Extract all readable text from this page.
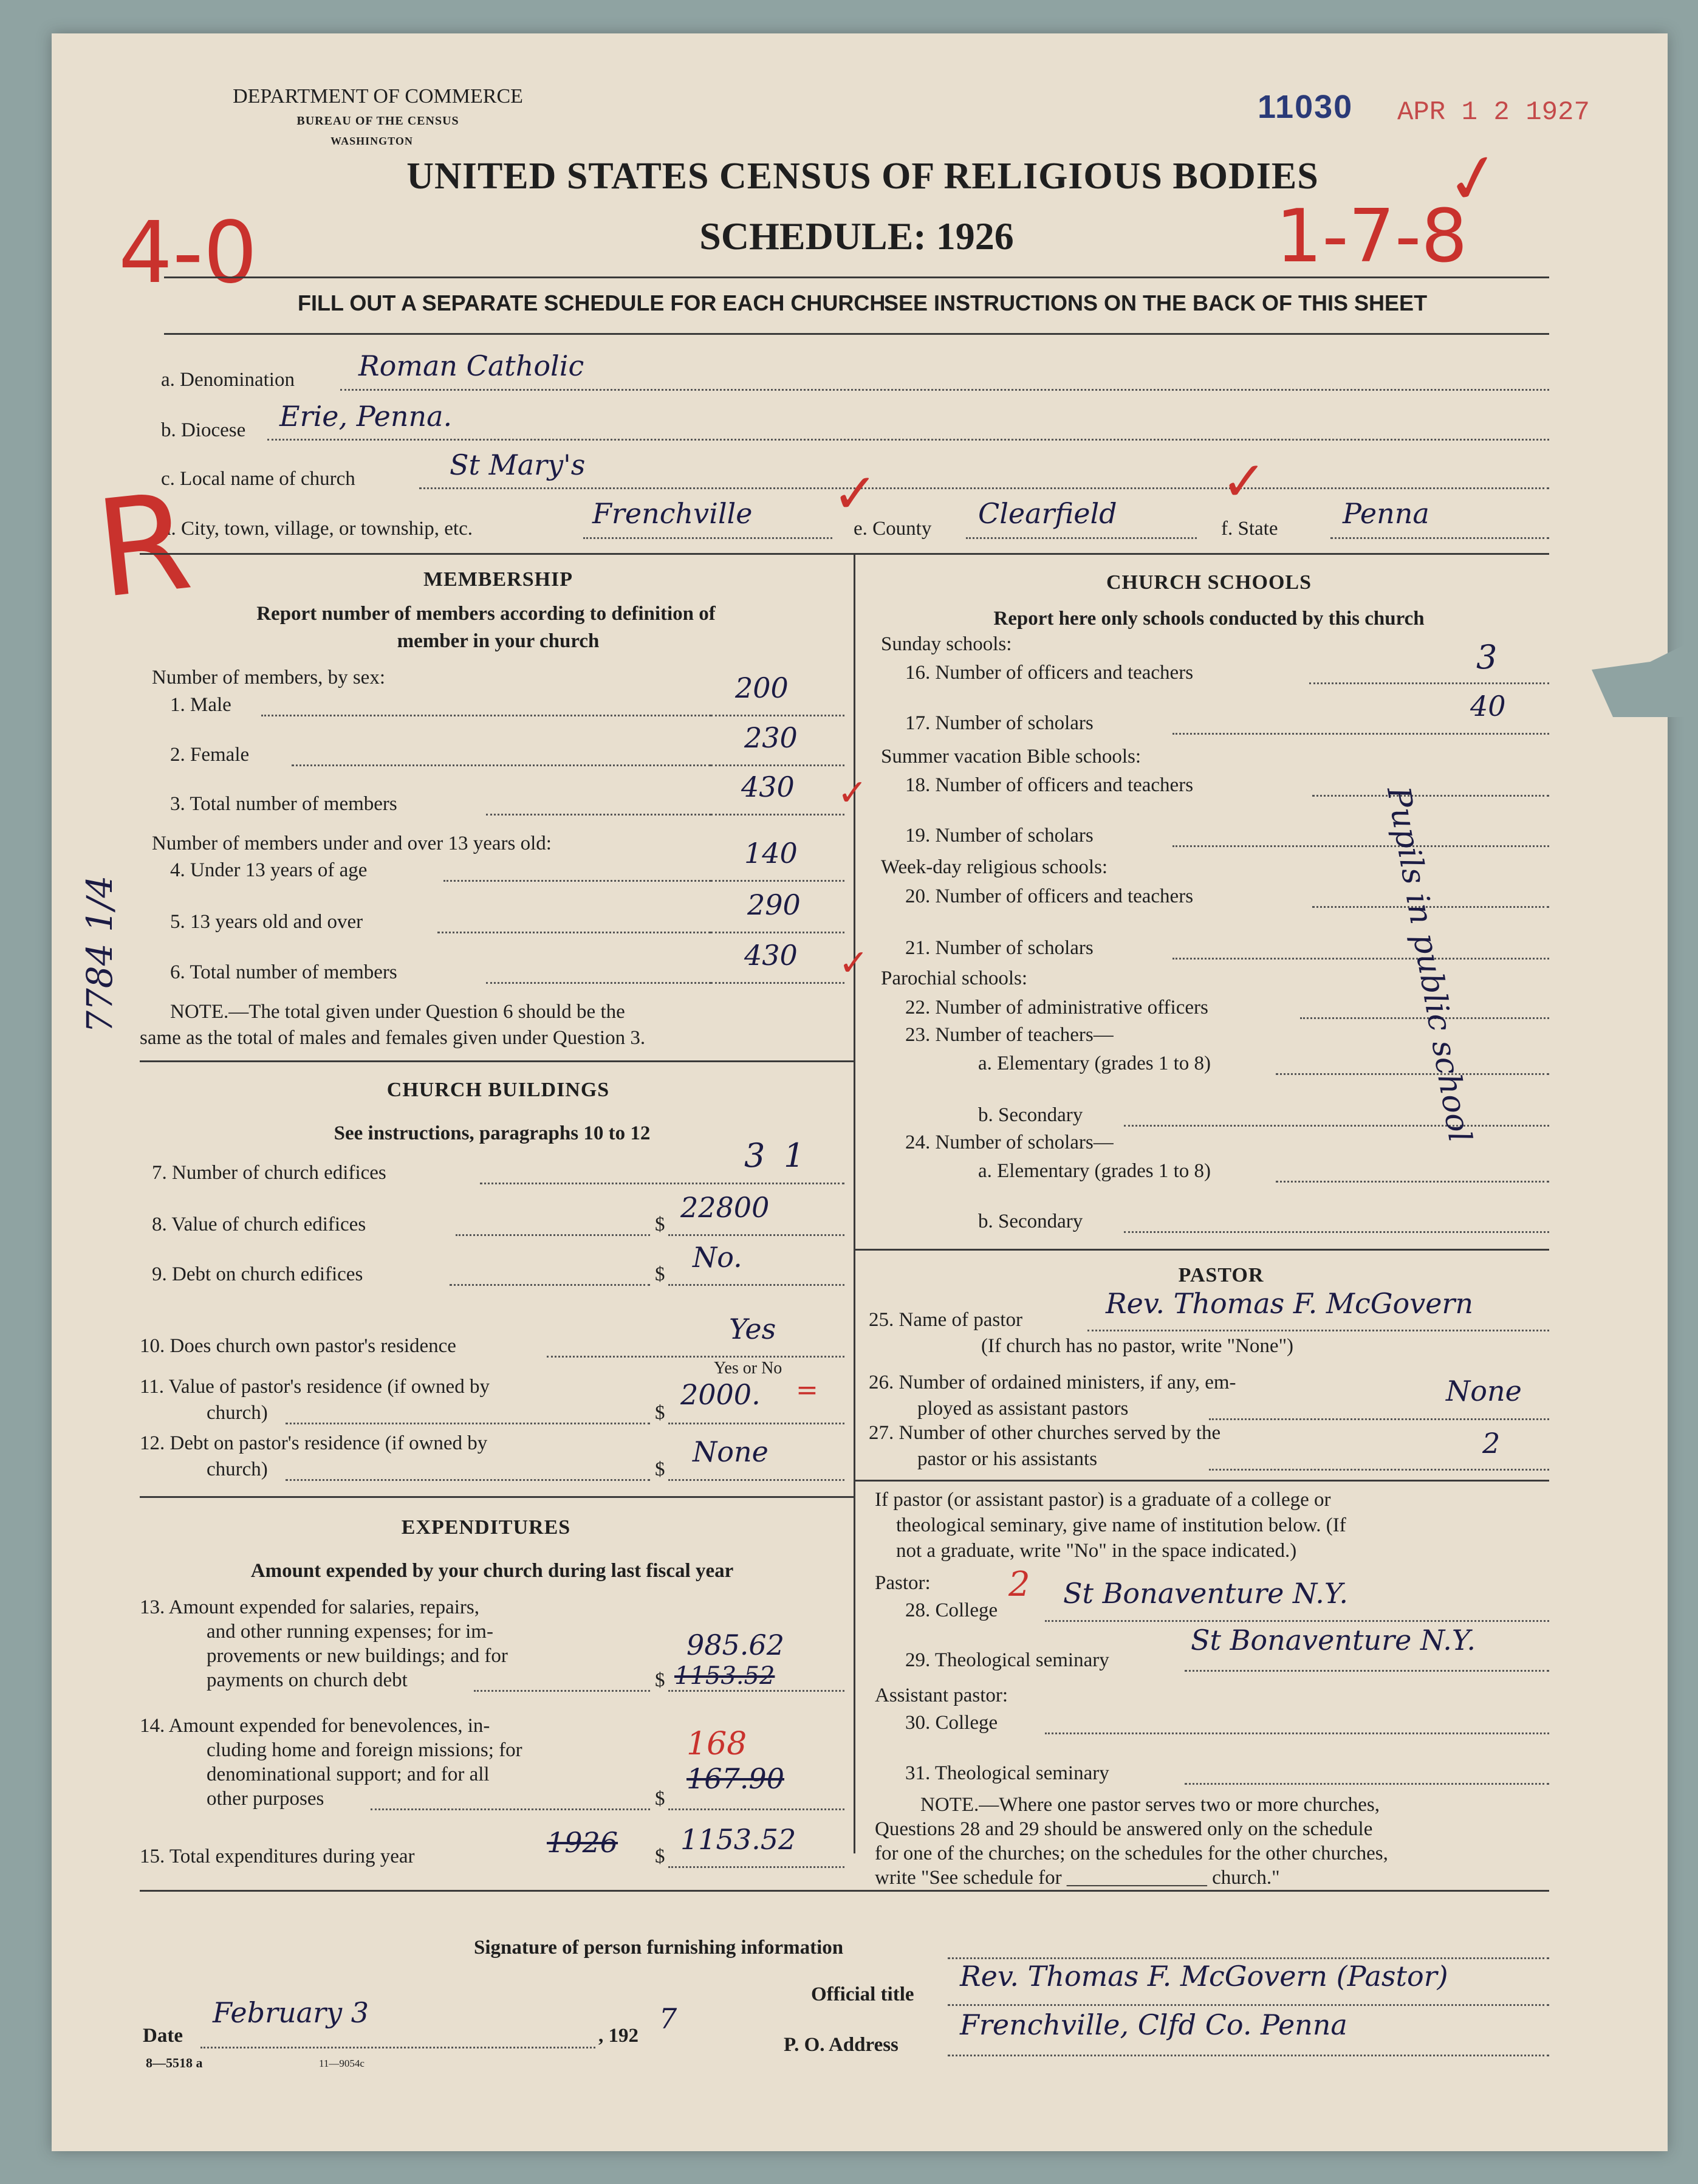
DEPARTMENT OF COMMERCE
BUREAU OF THE CENSUS
WASHINGTON
11030 APR 1 2 1927
UNITED STATES CENSUS OF RELIGIOUS BODIES
SCHEDULE: 1926
4-0	1-7-8
✓
FILL OUT A SEPARATE SCHEDULE FOR EACH CHURCH.
SEE INSTRUCTIONS ON THE BACK OF THIS SHEET
a. Denomination Roman Catholic
b. Diocese Erie, Penna.
c. Local name of church	St Mary's
d. City, town, village, or township, etc.	Frenchville	e. County Clearfield	f. State Penna
✓	✓
R
7784 1/4
MEMBERSHIP
Report number of members according to definition of
member in your church
Number of members, by sex:
1. Male
200
2. Female
230
3. Total number of members
430 ✓
Number of members under and over 13 years old:
4. Under 13 years of age
140
5. 13 years old and over
290
6. Total number of members
430 ✓
NOTE.—The total given under Question 6 should be the
same as the total of males and females given under Question 3.
CHURCH BUILDINGS
See instructions, paragraphs 10 to 12
7. Number of church edifices	3 1
8. Value of church edifices	$
22800
9. Debt on church edifices	$
No.
10. Does church own pastor's residence
Yes
Yes or No
11. Value of pastor's residence (if owned by
church)	$
2000. =
12. Debt on pastor's residence (if owned by
church)	$
None
EXPENDITURES
Amount expended by your church during last fiscal year
13. Amount expended for salaries, repairs,
and other running expenses; for im-
provements or new buildings; and for
payments on church debt	$
985.62
1153.52
14. Amount expended for benevolences, in-
cluding home and foreign missions; for
denominational support; and for all
other purposes
168
$
167.90
15. Total expenditures during year	1926 $
1153.52
CHURCH SCHOOLS
Report here only schools conducted by this church
Sunday schools:
16. Number of officers and teachers	3
17. Number of scholars
40
Summer vacation Bible schools:
18. Number of officers and teachers
19. Number of scholars
Week-day religious schools:
20. Number of officers and teachers
21. Number of scholars
Parochial schools:
22. Number of administrative officers
23. Number of teachers—
a. Elementary (grades 1 to 8)
b. Secondary
24. Number of scholars—
a. Elementary (grades 1 to 8)
b. Secondary
Pupils in public school
PASTOR
25. Name of pastor	Rev. Thomas F. McGovern
(If church has no pastor, write "None")
26. Number of ordained ministers, if any, em-
ployed as assistant pastors
None
27. Number of other churches served by the
pastor or his assistants	2
If pastor (or assistant pastor) is a graduate of a college or
theological seminary, give name of institution below. (If
not a graduate, write "No" in the space indicated.)
Pastor:
28. College
2 St Bonaventure N.Y.
29. Theological seminary
St Bonaventure N.Y.
Assistant pastor:
30. College
31. Theological seminary
NOTE.—Where one pastor serves two or more churches,
Questions 28 and 29 should be answered only on the schedule
for one of the churches; on the schedules for the other churches,
write "See schedule for ______________ church."
Signature of person furnishing information
Official title
Rev. Thomas F. McGovern (Pastor)
Date
February 3
, 192
7
P. O. Address
Frenchville, Clfd Co. Penna
8—5518 a	11—9054c
